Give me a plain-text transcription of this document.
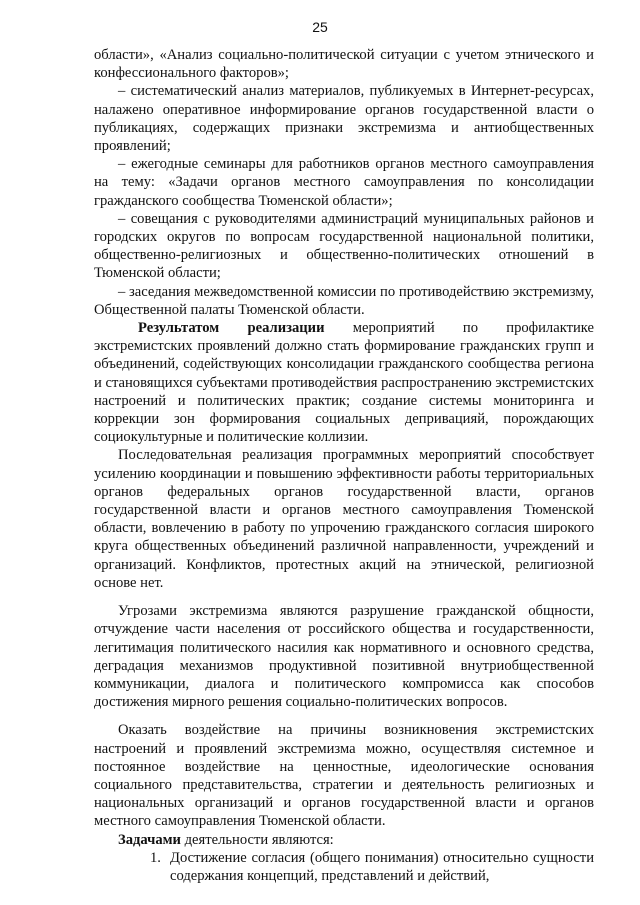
25

области», «Анализ социально-политической ситуации с учетом этнического и конфессионального факторов»;

– систематический анализ материалов, публикуемых в Интернет-ресурсах, налажено оперативное информирование органов государственной власти о публикациях, содержащих признаки экстремизма и антиобщественных проявлений;

– ежегодные семинары для работников органов местного самоуправления на тему: «Задачи органов местного самоуправления по консолидации гражданского сообщества Тюменской области»;

– совещания с руководителями администраций муниципальных районов и городских округов по вопросам государственной национальной политики, общественно-религиозных и общественно-политических отношений в Тюменской области;

– заседания межведомственной комиссии по противодействию экстремизму, Общественной палаты Тюменской области.

Результатом реализации мероприятий по профилактике экстремистских проявлений должно стать формирование гражданских групп и объединений, содействующих консолидации гражданского сообщества региона и становящихся субъектами противодействия распространению экстремистских настроений и политических практик; создание системы мониторинга и коррекции зон формирования социальных депривацияй, порождающих социокультурные и политические коллизии.

Последовательная реализация программных мероприятий способствует усилению координации и повышению эффективности работы территориальных органов федеральных органов государственной власти, органов государственной власти и органов местного самоуправления Тюменской области, вовлечению в работу по упрочению гражданского согласия широкого круга общественных объединений различной направленности, учреждений и организаций. Конфликтов, протестных акций на этнической, религиозной основе нет.

Угрозами экстремизма являются разрушение гражданской общности, отчуждение части населения от российского общества и государственности, легитимация политического насилия как нормативного и основного средства, деградация механизмов продуктивной позитивной внутриобщественной коммуникации, диалога и политического компромисса как способов достижения мирного решения социально-политических вопросов.

Оказать воздействие на причины возникновения экстремистских настроений и проявлений экстремизма можно, осуществляя системное и постоянное воздействие на ценностные, идеологические основания социального представительства, стратегии и деятельность религиозных и национальных организаций и органов государственной власти и органов местного самоуправления Тюменской области.

Задачами деятельности являются:

1. Достижение согласия (общего понимания) относительно сущности содержания концепций, представлений и действий,
